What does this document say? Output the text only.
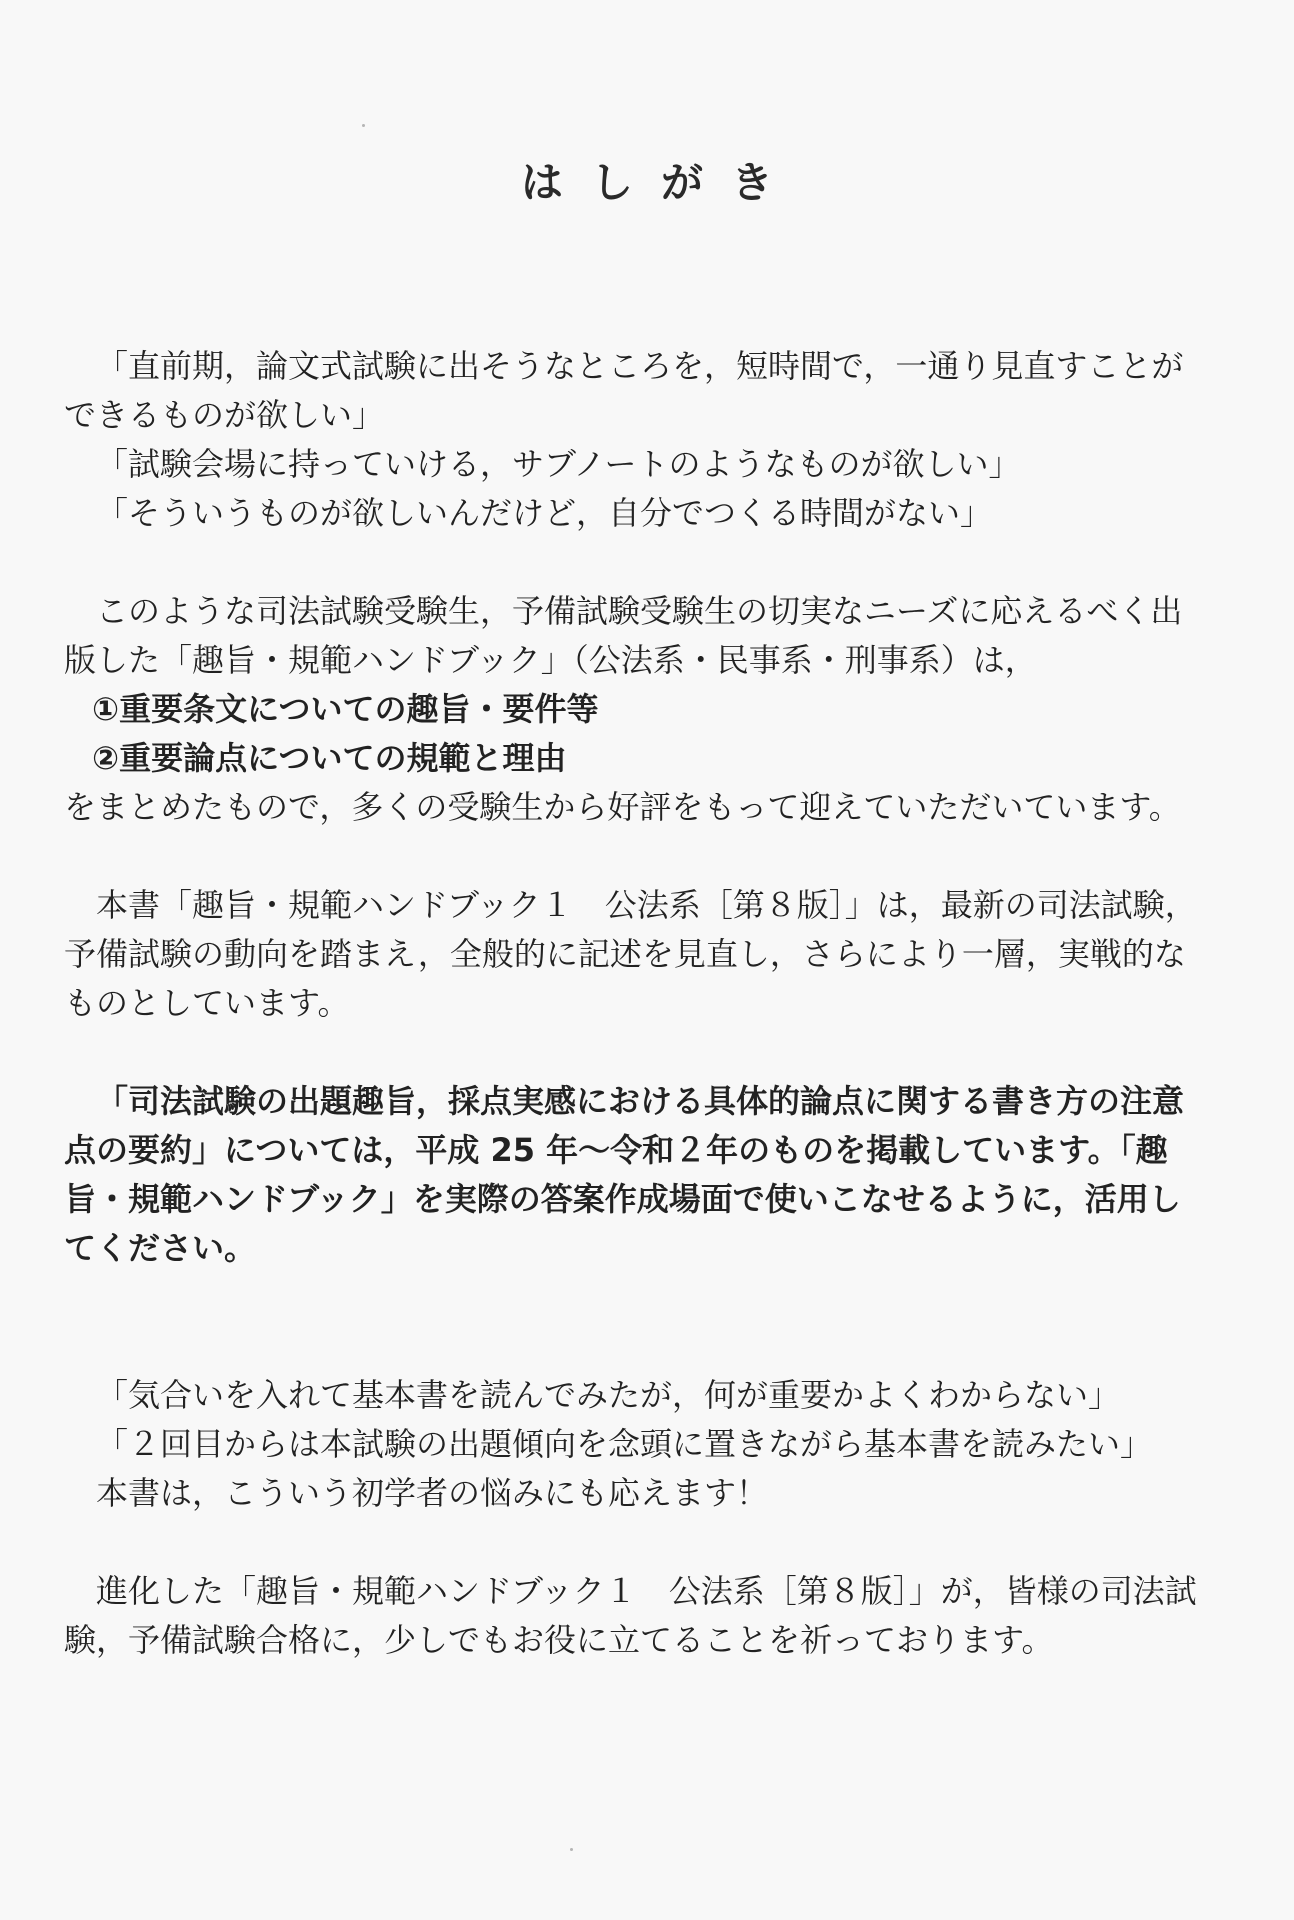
はしがき

「直前期，論文式試験に出そうなところを，短時間で，一通り見直すことができるものが欲しい」

「試験会場に持っていける，サブノートのようなものが欲しい」

「そういうものが欲しいんだけど，自分でつくる時間がない」

このような司法試験受験生，予備試験受験生の切実なニーズに応えるべく出版した「趣旨・規範ハンドブック」（公法系・民事系・刑事系）は，

①重要条文についての趣旨・要件等

②重要論点についての規範と理由

をまとめたもので，多くの受験生から好評をもって迎えていただいています。

本書「趣旨・規範ハンドブック１　公法系［第８版］」は，最新の司法試験，予備試験の動向を踏まえ，全般的に記述を見直し，さらにより一層，実戦的なものとしています。

「司法試験の出題趣旨，採点実感における具体的論点に関する書き方の注意点の要約」については，平成 25 年～令和２年のものを掲載しています。「趣旨・規範ハンドブック」を実際の答案作成場面で使いこなせるように，活用してください。

「気合いを入れて基本書を読んでみたが，何が重要かよくわからない」

「２回目からは本試験の出題傾向を念頭に置きながら基本書を読みたい」

本書は，こういう初学者の悩みにも応えます！

進化した「趣旨・規範ハンドブック１　公法系［第８版］」が，皆様の司法試験，予備試験合格に，少しでもお役に立てることを祈っております。
